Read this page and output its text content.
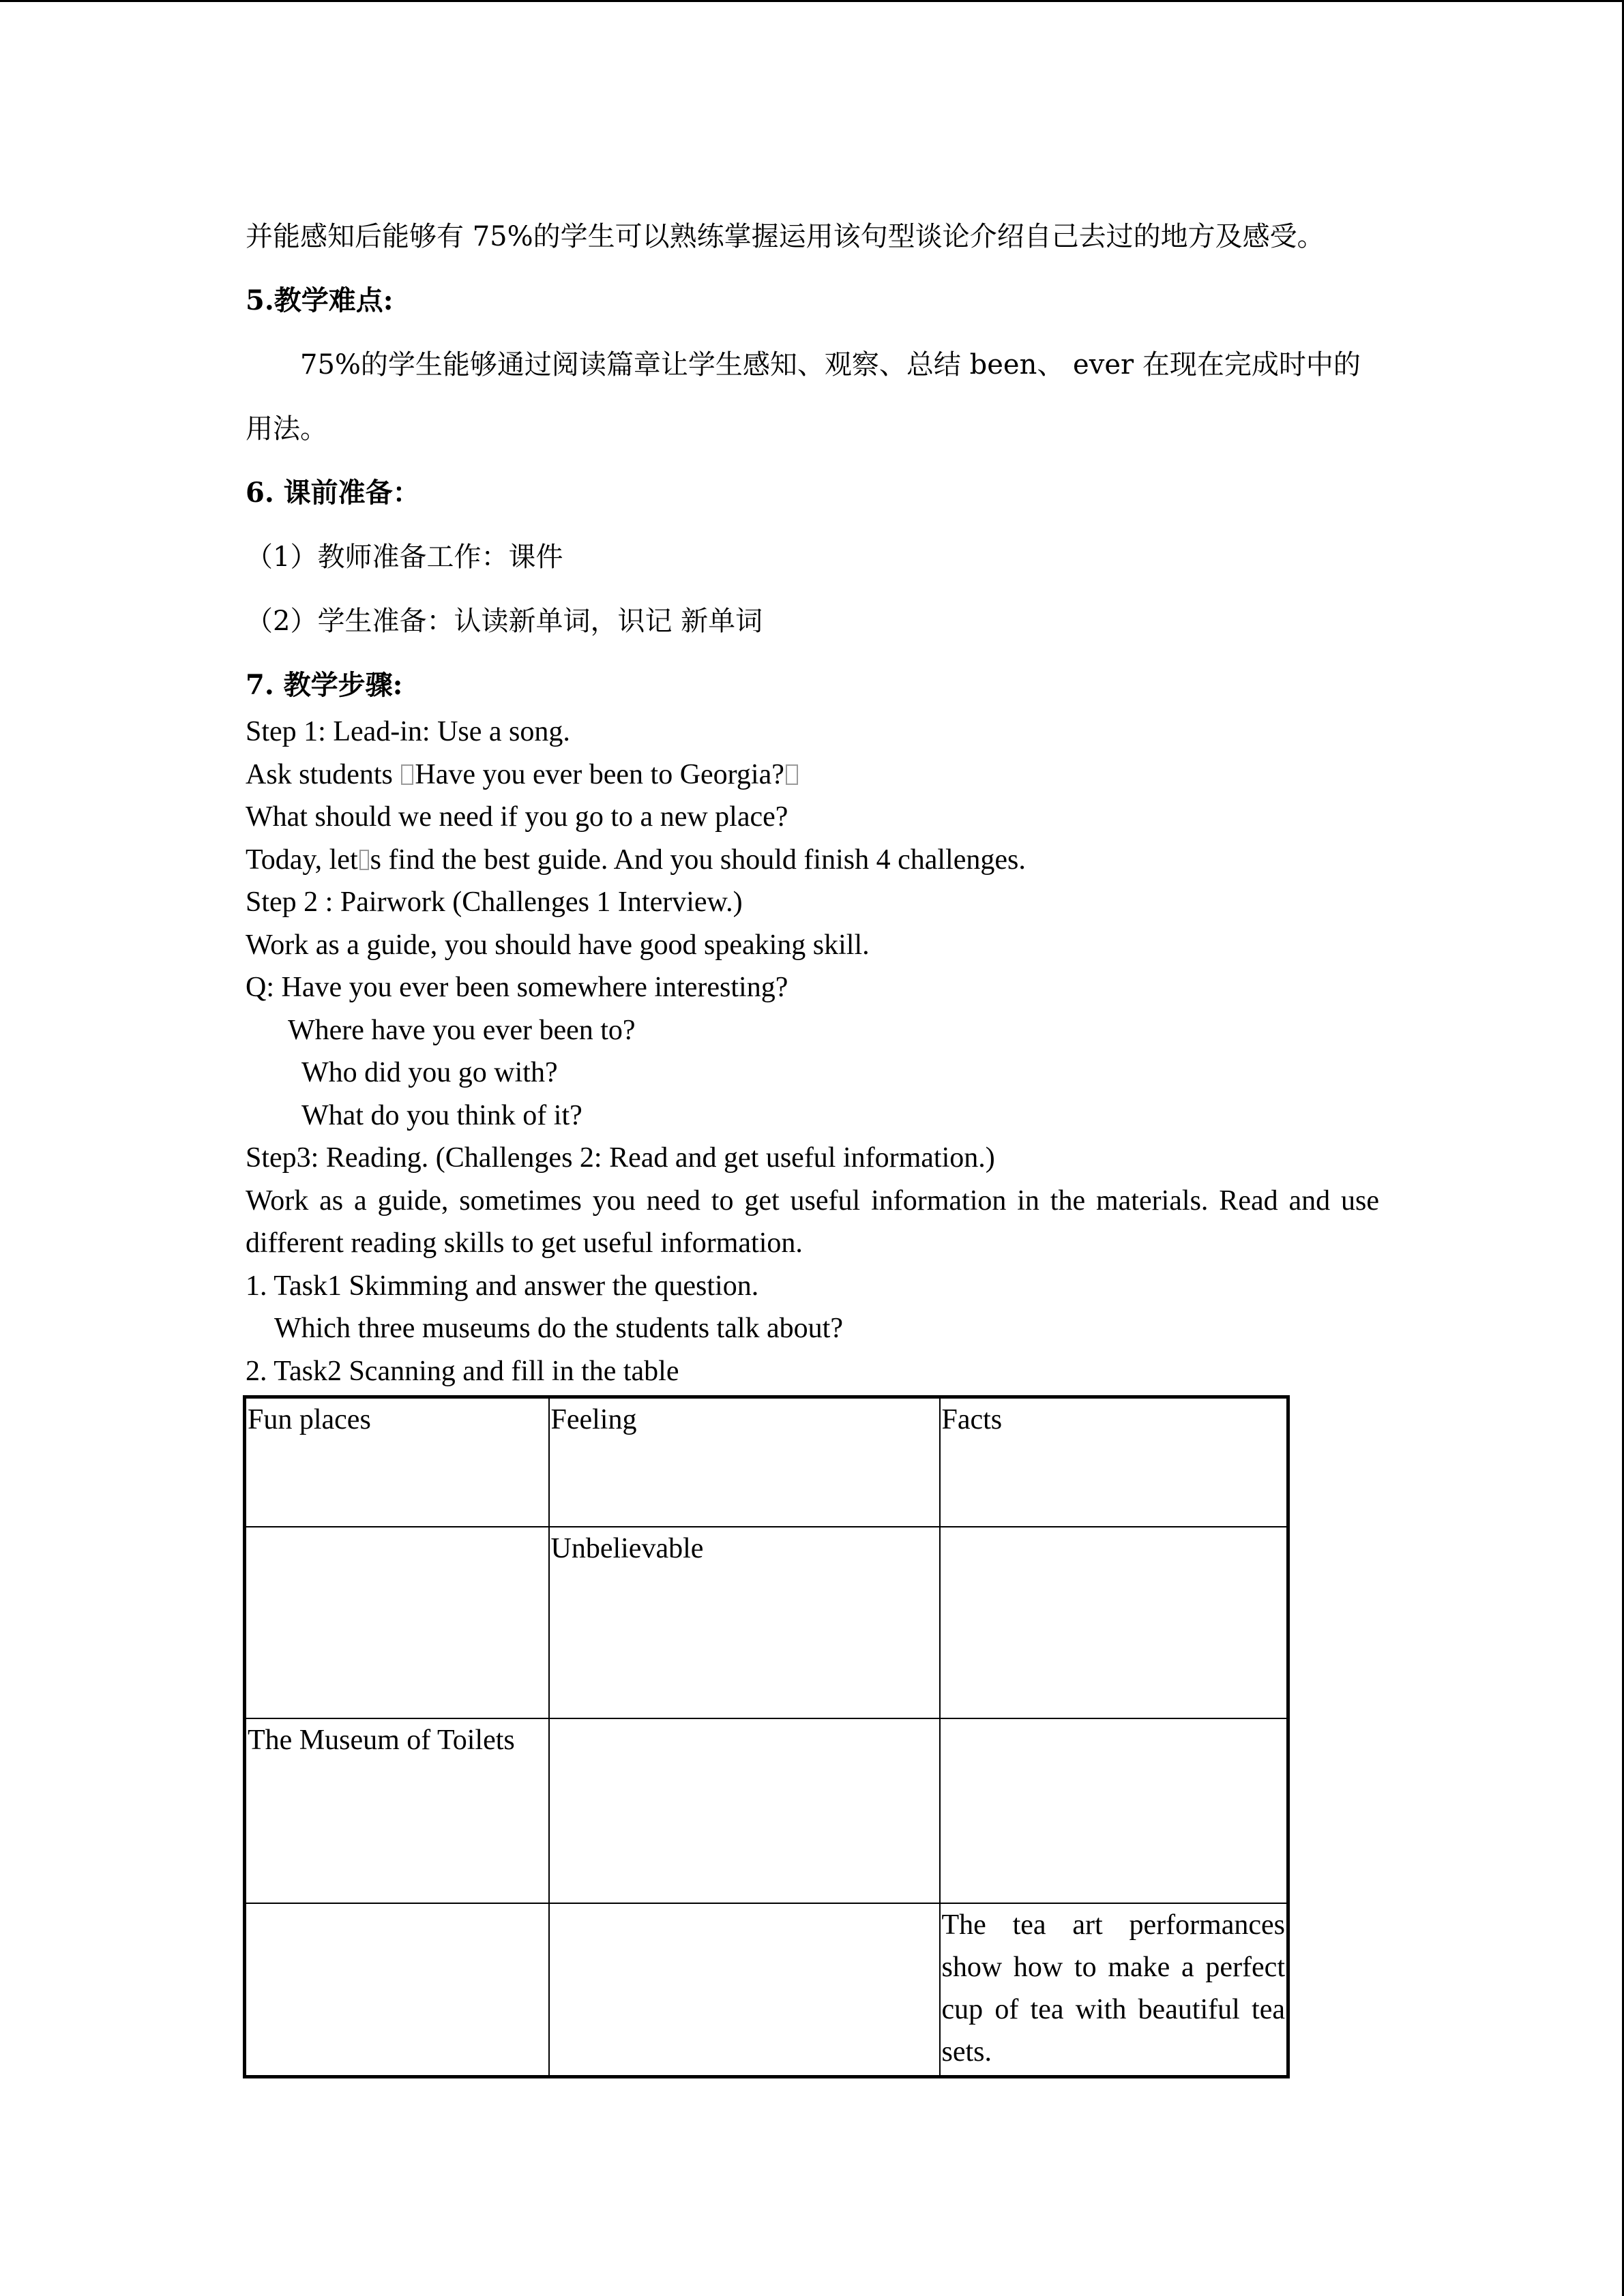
并能感知后能够有 75%的学生可以熟练掌握运用该句型谈论介绍自己去过的地方及感受。

5.教学难点:

75%的学生能够通过阅读篇章让学生感知、观察、总结 been、 ever 在现在完成时中的

用法。

6. 课前准备：

（1）教师准备工作：课件

（2）学生准备：认读新单词，识记 新单词

7. 教学步骤:

Step 1: Lead-in: Use a song.

Ask students Have you ever been to Georgia?

What should we need if you go to a new place?

Today, let s find the best guide. And you should finish 4 challenges.

Step 2 : Pairwork (Challenges 1 Interview.)

Work as a guide, you should have good speaking skill.

Q: Have you ever been somewhere interesting?

Where have you ever been to?

Who did you go with?

What do you think of it?

Step3: Reading. (Challenges 2: Read and get useful information.)

Work as a guide, sometimes you need to get useful information in the materials. Read and use

different reading skills to get useful information.

1. Task1 Skimming and answer the question.

Which three museums do the students talk about?

2. Task2 Scanning and fill in the table

Fun places	Feeling	Facts
	Unbelievable	
The Museum of Toilets		
		The tea art performances show how to make a perfect cup of tea with beautiful tea sets.
